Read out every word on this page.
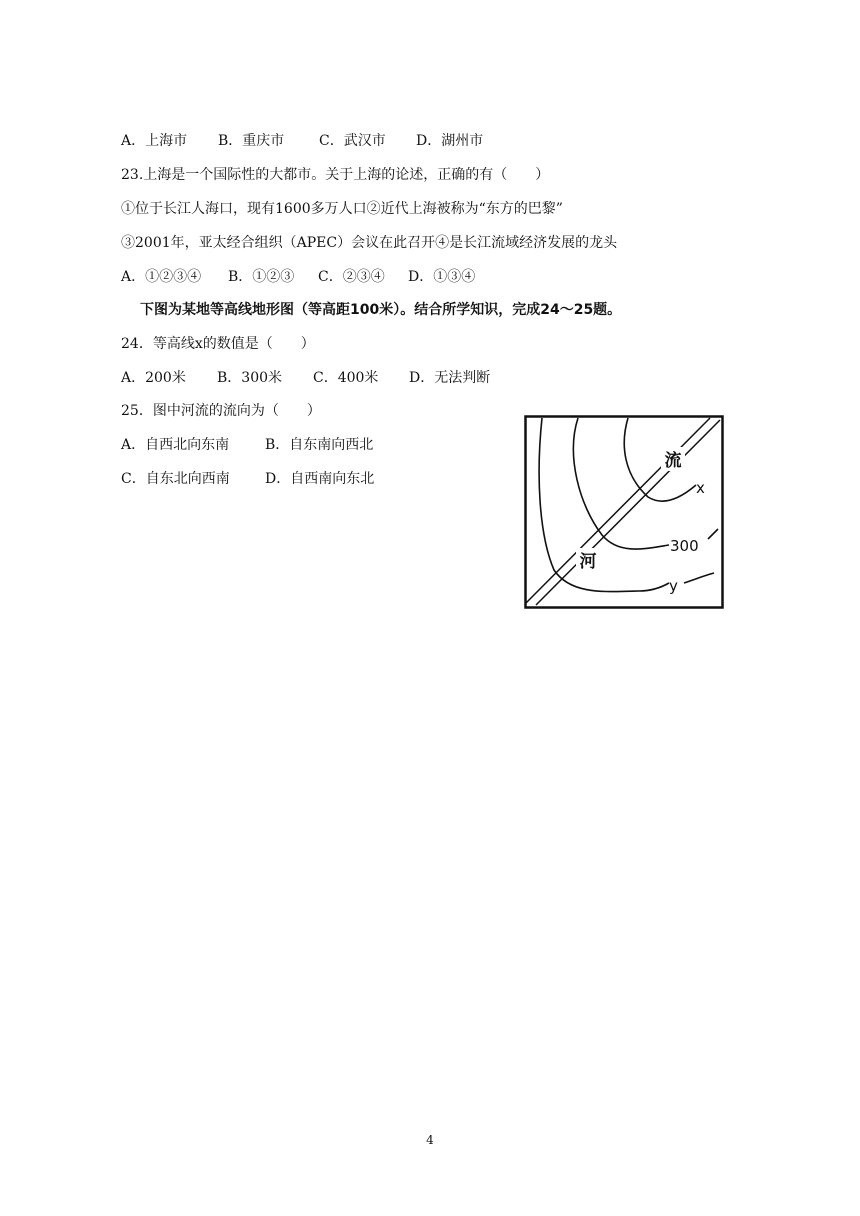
A．上海市 B．重庆市 C．武汉市 D．湖州市
23.上海是一个国际性的大都市。关于上海的论述，正确的有（　　）
①位于长江人海口，现有1600多万人口②近代上海被称为“东方的巴黎”
③2001年，亚太经合组织（APEC）会议在此召开④是长江流域经济发展的龙头
A．①②③④ B．①②③ C．②③④ D．①③④
下图为某地等高线地形图（等高距100米）。结合所学知识，完成24～25题。
24．等高线x的数值是（　　）
A．200米 B．300米 C．400米 D．无法判断
25．图中河流的流向为（　　）
A．自西北向东南	B．自东南向西北
C．自东北向西南	D．自西南向东北
河
流
x
300
y
4
